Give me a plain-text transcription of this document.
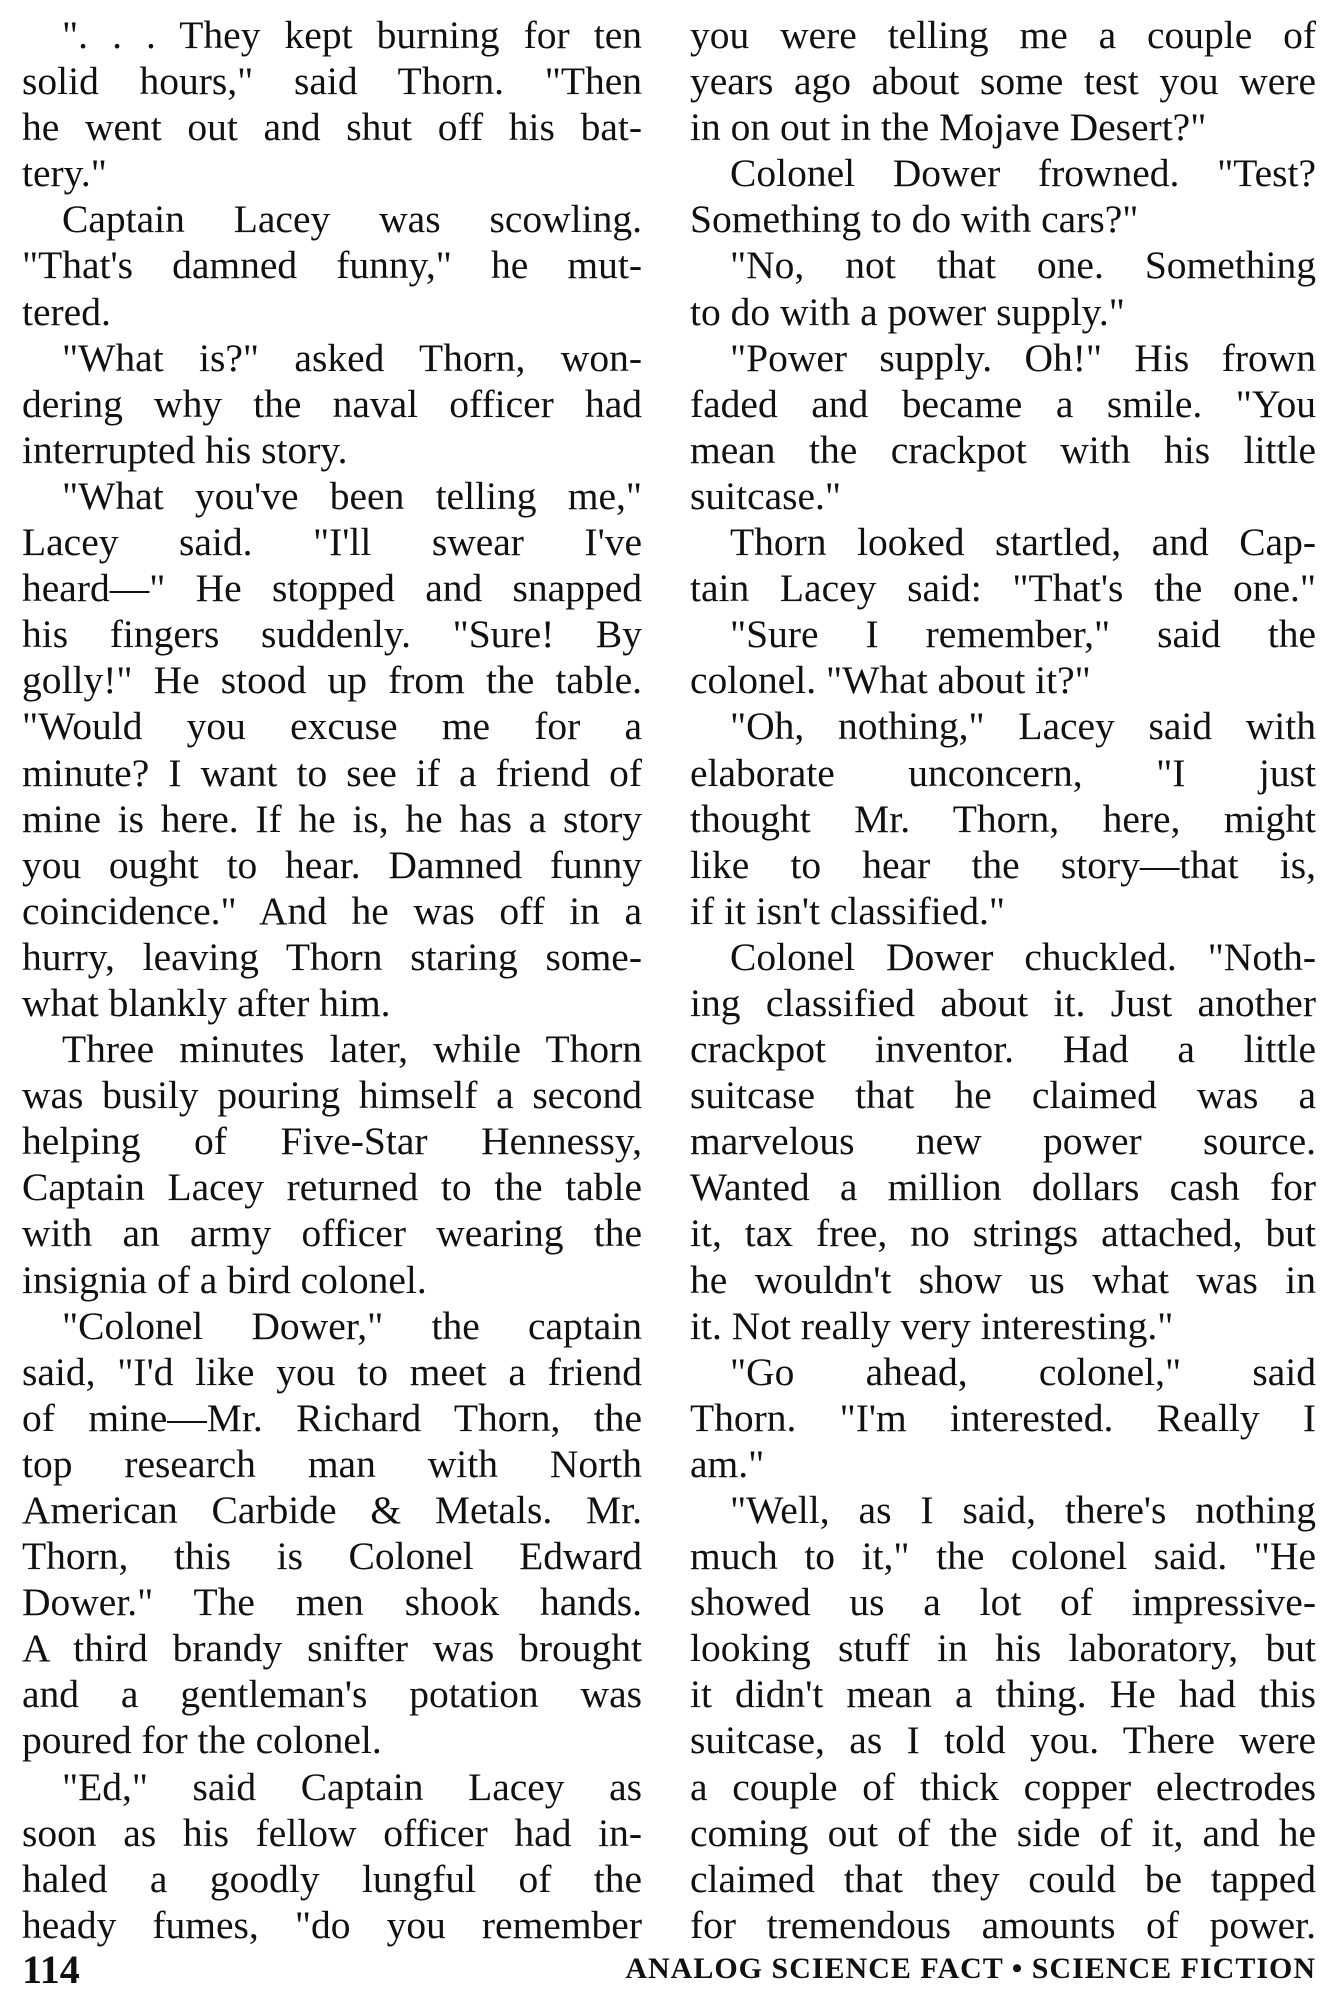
". . . They kept burning for ten
solid hours," said Thorn. "Then
he went out and shut off his bat-
tery."
Captain Lacey was scowling.
"That's damned funny," he mut-
tered.
"What is?" asked Thorn, won-
dering why the naval officer had
interrupted his story.
"What you've been telling me,"
Lacey said. "I'll swear I've
heard—" He stopped and snapped
his fingers suddenly. "Sure! By
golly!" He stood up from the table.
"Would you excuse me for a
minute? I want to see if a friend of
mine is here. If he is, he has a story
you ought to hear. Damned funny
coincidence." And he was off in a
hurry, leaving Thorn staring some-
what blankly after him.
Three minutes later, while Thorn
was busily pouring himself a second
helping of Five-Star Hennessy,
Captain Lacey returned to the table
with an army officer wearing the
insignia of a bird colonel.
"Colonel Dower," the captain
said, "I'd like you to meet a friend
of mine—Mr. Richard Thorn, the
top research man with North
American Carbide & Metals. Mr.
Thorn, this is Colonel Edward
Dower." The men shook hands.
A third brandy snifter was brought
and a gentleman's potation was
poured for the colonel.
"Ed," said Captain Lacey as
soon as his fellow officer had in-
haled a goodly lungful of the
heady fumes, "do you remember
you were telling me a couple of
years ago about some test you were
in on out in the Mojave Desert?"
Colonel Dower frowned. "Test?
Something to do with cars?"
"No, not that one. Something
to do with a power supply."
"Power supply. Oh!" His frown
faded and became a smile. "You
mean the crackpot with his little
suitcase."
Thorn looked startled, and Cap-
tain Lacey said: "That's the one."
"Sure I remember," said the
colonel. "What about it?"
"Oh, nothing," Lacey said with
elaborate unconcern, "I just
thought Mr. Thorn, here, might
like to hear the story—that is,
if it isn't classified."
Colonel Dower chuckled. "Noth-
ing classified about it. Just another
crackpot inventor. Had a little
suitcase that he claimed was a
marvelous new power source.
Wanted a million dollars cash for
it, tax free, no strings attached, but
he wouldn't show us what was in
it. Not really very interesting."
"Go ahead, colonel," said
Thorn. "I'm interested. Really I
am."
"Well, as I said, there's nothing
much to it," the colonel said. "He
showed us a lot of impressive-
looking stuff in his laboratory, but
it didn't mean a thing. He had this
suitcase, as I told you. There were
a couple of thick copper electrodes
coming out of the side of it, and he
claimed that they could be tapped
for tremendous amounts of power.
114	ANALOG SCIENCE FACT • SCIENCE FICTION
